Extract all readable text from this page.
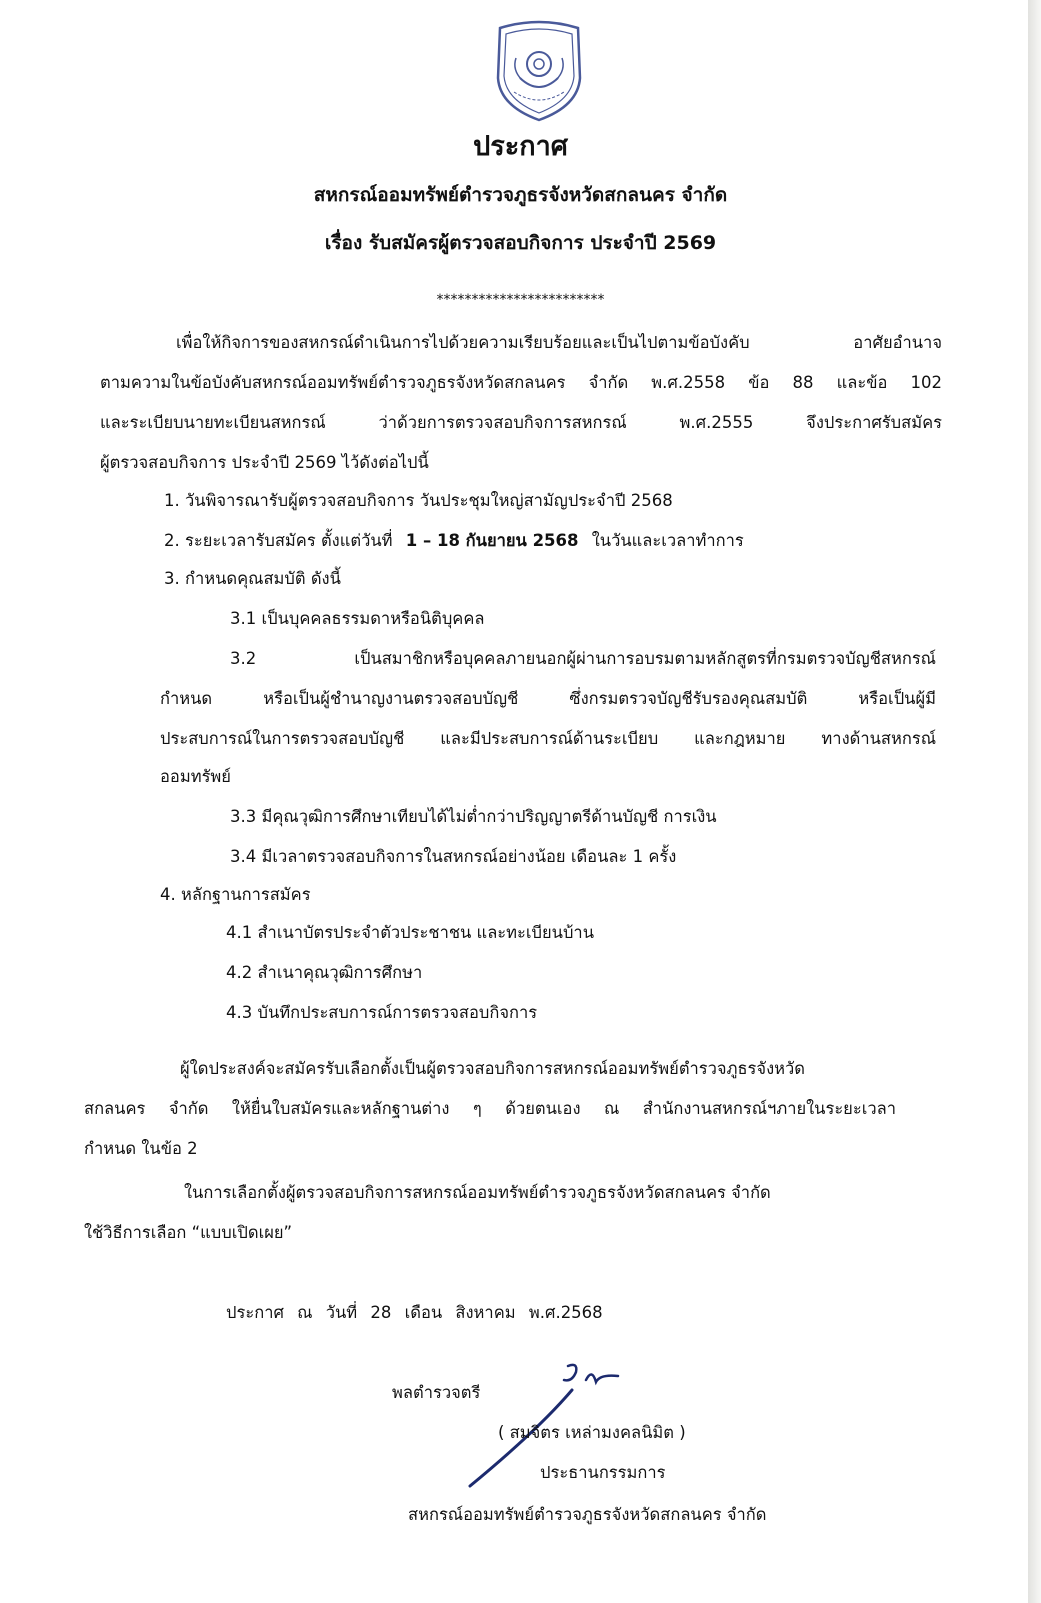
ประกาศ
สหกรณ์ออมทรัพย์ตำรวจภูธรจังหวัดสกลนคร จำกัด
เรื่อง รับสมัครผู้ตรวจสอบกิจการ ประจำปี 2569
************************
เพื่อให้กิจการของสหกรณ์ดำเนินการไปด้วยความเรียบร้อยและเป็นไปตามข้อบังคับ อาศัยอำนาจ
ตามความในข้อบังคับสหกรณ์ออมทรัพย์ตำรวจภูธรจังหวัดสกลนคร จำกัด พ.ศ.2558 ข้อ 88 และข้อ 102
และระเบียบนายทะเบียนสหกรณ์ ว่าด้วยการตรวจสอบกิจการสหกรณ์ พ.ศ.2555 จึงประกาศรับสมัคร
ผู้ตรวจสอบกิจการ ประจำปี 2569 ไว้ดังต่อไปนี้
1. วันพิจารณารับผู้ตรวจสอบกิจการ วันประชุมใหญ่สามัญประจำปี 2568
2. ระยะเวลารับสมัคร ตั้งแต่วันที่ 1 – 18 กันยายน 2568 ในวันและเวลาทำการ
3. กำหนดคุณสมบัติ ดังนี้
3.1 เป็นบุคคลธรรมดาหรือนิติบุคคล
3.2 เป็นสมาชิกหรือบุคคลภายนอกผู้ผ่านการอบรมตามหลักสูตรที่กรมตรวจบัญชีสหกรณ์
กำหนด หรือเป็นผู้ชำนาญงานตรวจสอบบัญชี ซึ่งกรมตรวจบัญชีรับรองคุณสมบัติ หรือเป็นผู้มี
ประสบการณ์ในการตรวจสอบบัญชี และมีประสบการณ์ด้านระเบียบ และกฎหมาย ทางด้านสหกรณ์
ออมทรัพย์
3.3 มีคุณวุฒิการศึกษาเทียบได้ไม่ต่ำกว่าปริญญาตรีด้านบัญชี การเงิน
3.4 มีเวลาตรวจสอบกิจการในสหกรณ์อย่างน้อย เดือนละ 1 ครั้ง
4. หลักฐานการสมัคร
4.1 สำเนาบัตรประจำตัวประชาชน และทะเบียนบ้าน
4.2 สำเนาคุณวุฒิการศึกษา
4.3 บันทึกประสบการณ์การตรวจสอบกิจการ
ผู้ใดประสงค์จะสมัครรับเลือกตั้งเป็นผู้ตรวจสอบกิจการสหกรณ์ออมทรัพย์ตำรวจภูธรจังหวัด
สกลนคร จำกัด ให้ยื่นใบสมัครและหลักฐานต่าง ๆ ด้วยตนเอง ณ สำนักงานสหกรณ์ฯภายในระยะเวลา
กำหนด ในข้อ 2
ในการเลือกตั้งผู้ตรวจสอบกิจการสหกรณ์ออมทรัพย์ตำรวจภูธรจังหวัดสกลนคร จำกัด
ใช้วิธีการเลือก “แบบเปิดเผย”
ประกาศ ณ วันที่ 28 เดือน สิงหาคม พ.ศ.2568
พลตำรวจตรี
( สมจิตร เหล่ามงคลนิมิต )
ประธานกรรมการ
สหกรณ์ออมทรัพย์ตำรวจภูธรจังหวัดสกลนคร จำกัด
